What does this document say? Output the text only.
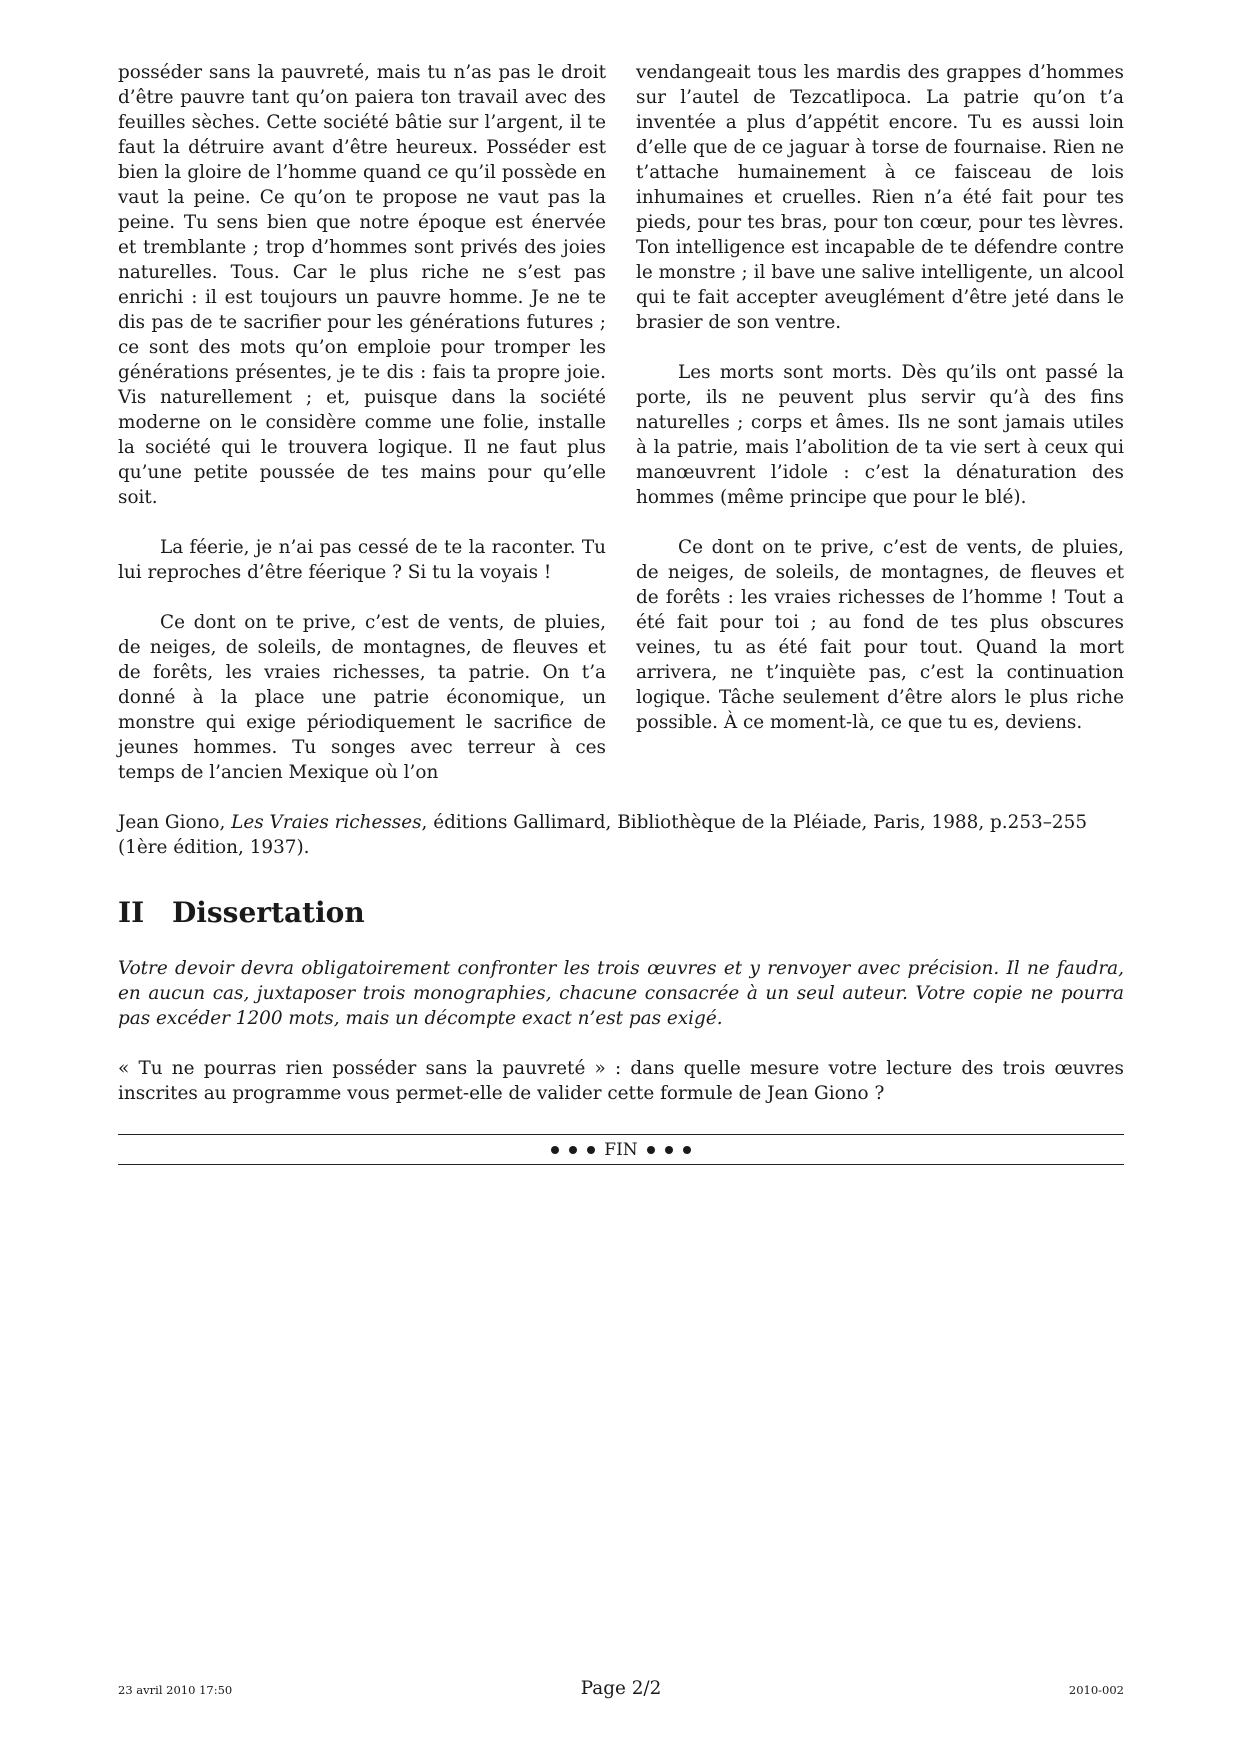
posséder sans la pauvreté, mais tu n’as pas le droit d’être pauvre tant qu’on paiera ton travail avec des feuilles sèches. Cette société bâtie sur l’argent, il te faut la détruire avant d’être heureux. Posséder est bien la gloire de l’homme quand ce qu’il possède en vaut la peine. Ce qu’on te propose ne vaut pas la peine. Tu sens bien que notre époque est énervée et tremblante ; trop d’hommes sont privés des joies naturelles. Tous. Car le plus riche ne s’est pas enrichi : il est toujours un pauvre homme. Je ne te dis pas de te sacrifier pour les générations futures ; ce sont des mots qu’on emploie pour tromper les générations présentes, je te dis : fais ta propre joie. Vis naturellement ; et, puisque dans la société moderne on le considère comme une folie, installe la société qui le trouvera logique. Il ne faut plus qu’une petite poussée de tes mains pour qu’elle soit.

La féerie, je n’ai pas cessé de te la raconter. Tu lui reproches d’être féerique ? Si tu la voyais !

Ce dont on te prive, c’est de vents, de pluies, de neiges, de soleils, de montagnes, de fleuves et de forêts, les vraies richesses, ta patrie. On t’a donné à la place une patrie économique, un monstre qui exige périodiquement le sacrifice de jeunes hommes. Tu songes avec terreur à ces temps de l’ancien Mexique où l’on

vendangeait tous les mardis des grappes d’hommes sur l’autel de Tezcatlipoca. La patrie qu’on t’a inventée a plus d’appétit encore. Tu es aussi loin d’elle que de ce jaguar à torse de fournaise. Rien ne t’attache humainement à ce faisceau de lois inhumaines et cruelles. Rien n’a été fait pour tes pieds, pour tes bras, pour ton cœur, pour tes lèvres. Ton intelligence est incapable de te défendre contre le monstre ; il bave une salive intelligente, un alcool qui te fait accepter aveuglément d’être jeté dans le brasier de son ventre.

Les morts sont morts. Dès qu’ils ont passé la porte, ils ne peuvent plus servir qu’à des fins naturelles ; corps et âmes. Ils ne sont jamais utiles à la patrie, mais l’abolition de ta vie sert à ceux qui manœuvrent l’idole : c’est la dénaturation des hommes (même principe que pour le blé).

Ce dont on te prive, c’est de vents, de pluies, de neiges, de soleils, de montagnes, de fleuves et de forêts : les vraies richesses de l’homme ! Tout a été fait pour toi ; au fond de tes plus obscures veines, tu as été fait pour tout. Quand la mort arrivera, ne t’inquiète pas, c’est la continuation logique. Tâche seulement d’être alors le plus riche possible. À ce moment-là, ce que tu es, deviens.

Jean Giono, Les Vraies richesses, éditions Gallimard, Bibliothèque de la Pléiade, Paris, 1988, p.253–255 (1ère édition, 1937).
II Dissertation
Votre devoir devra obligatoirement confronter les trois œuvres et y renvoyer avec précision. Il ne faudra, en aucun cas, juxtaposer trois monographies, chacune consacrée à un seul auteur. Votre copie ne pourra pas excéder 1200 mots, mais un décompte exact n’est pas exigé.
« Tu ne pourras rien posséder sans la pauvreté » : dans quelle mesure votre lecture des trois œuvres inscrites au programme vous permet-elle de valider cette formule de Jean Giono ?
FIN
23 avril 2010 17:50	Page 2/2	2010-002
